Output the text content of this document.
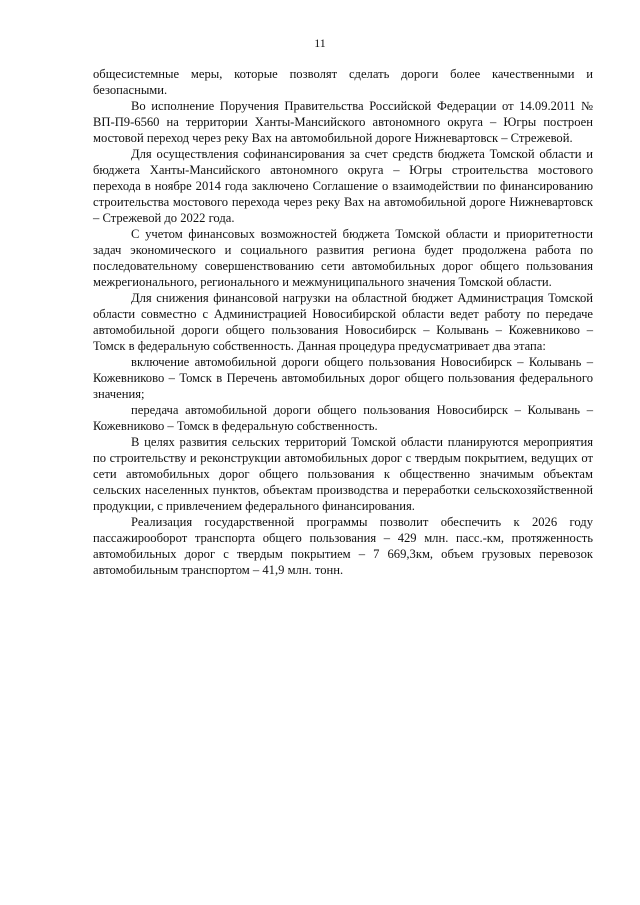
11

общесистемные меры, которые позволят сделать дороги более качественными и безопасными.

Во исполнение Поручения Правительства Российской Федерации от 14.09.2011 № ВП-П9-6560 на территории Ханты-Мансийского автономного округа – Югры построен мостовой переход через реку Вах на автомобильной дороге Нижневартовск – Стрежевой.

Для осуществления софинансирования за счет средств бюджета Томской области и бюджета Ханты-Мансийского автономного округа – Югры строительства мостового перехода в ноябре 2014 года заключено Соглашение о взаимодействии по финансированию строительства мостового перехода через реку Вах на автомобильной дороге Нижневартовск – Стрежевой до 2022 года.

С учетом финансовых возможностей бюджета Томской области и приоритетности задач экономического и социального развития региона будет продолжена работа по последовательному совершенствованию сети автомобильных дорог общего пользования межрегионального, регионального и межмуниципального значения Томской области.

Для снижения финансовой нагрузки на областной бюджет Администрация Томской области совместно с Администрацией Новосибирской области ведет работу по передаче автомобильной дороги общего пользования Новосибирск – Колывань – Кожевниково – Томск в федеральную собственность. Данная процедура предусматривает два этапа:

включение автомобильной дороги общего пользования Новосибирск – Колывань – Кожевниково – Томск в Перечень автомобильных дорог общего пользования федерального значения;

передача автомобильной дороги общего пользования Новосибирск – Колывань – Кожевниково – Томск в федеральную собственность.

В целях развития сельских территорий Томской области планируются мероприятия по строительству и реконструкции автомобильных дорог с твердым покрытием, ведущих от сети автомобильных дорог общего пользования к общественно значимым объектам сельских населенных пунктов, объектам производства и переработки сельскохозяйственной продукции, с привлечением федерального финансирования.

Реализация государственной программы позволит обеспечить к 2026 году пассажирооборот транспорта общего пользования – 429 млн. пасс.-км, протяженность автомобильных дорог с твердым покрытием – 7 669,3км, объем грузовых перевозок автомобильным транспортом – 41,9 млн. тонн.
